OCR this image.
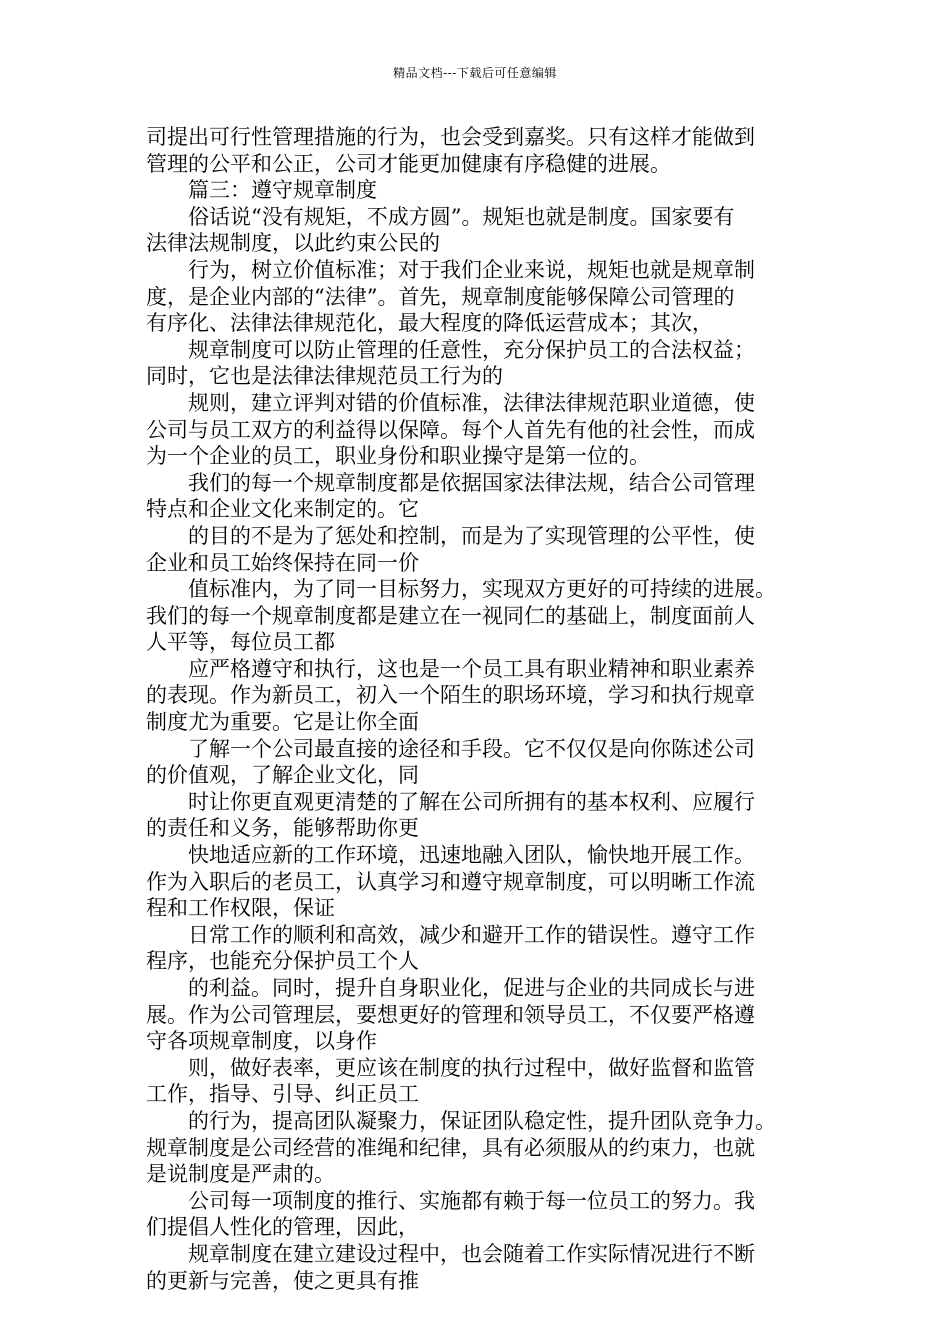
精品文档---下载后可任意编辑
司提出可行性管理措施的行为，也会受到嘉奖。只有这样才能做到
管理的公平和公正，公司才能更加健康有序稳健的进展。
篇三：遵守规章制度
俗话说“没有规矩，不成方圆”。规矩也就是制度。国家要有
法律法规制度，以此约束公民的
行为，树立价值标准；对于我们企业来说，规矩也就是规章制
度，是企业内部的“法律”。首先，规章制度能够保障公司管理的
有序化、法律法律规范化，最大程度的降低运营成本；其次，
规章制度可以防止管理的任意性，充分保护员工的合法权益；
同时，它也是法律法律规范员工行为的
规则，建立评判对错的价值标准，法律法律规范职业道德，使
公司与员工双方的利益得以保障。每个人首先有他的社会性，而成
为一个企业的员工，职业身份和职业操守是第一位的。
我们的每一个规章制度都是依据国家法律法规，结合公司管理
特点和企业文化来制定的。它
的目的不是为了惩处和控制，而是为了实现管理的公平性，使
企业和员工始终保持在同一价
值标准内，为了同一目标努力，实现双方更好的可持续的进展。
我们的每一个规章制度都是建立在一视同仁的基础上，制度面前人
人平等，每位员工都
应严格遵守和执行，这也是一个员工具有职业精神和职业素养
的表现。作为新员工，初入一个陌生的职场环境，学习和执行规章
制度尤为重要。它是让你全面
了解一个公司最直接的途径和手段。它不仅仅是向你陈述公司
的价值观，了解企业文化，同
时让你更直观更清楚的了解在公司所拥有的基本权利、应履行
的责任和义务，能够帮助你更
快地适应新的工作环境，迅速地融入团队，愉快地开展工作。
作为入职后的老员工，认真学习和遵守规章制度，可以明晰工作流
程和工作权限，保证
日常工作的顺利和高效，减少和避开工作的错误性。遵守工作
程序，也能充分保护员工个人
的利益。同时，提升自身职业化，促进与企业的共同成长与进
展。作为公司管理层，要想更好的管理和领导员工，不仅要严格遵
守各项规章制度，以身作
则，做好表率，更应该在制度的执行过程中，做好监督和监管
工作，指导、引导、纠正员工
的行为，提高团队凝聚力，保证团队稳定性，提升团队竞争力。
规章制度是公司经营的准绳和纪律，具有必须服从的约束力，也就
是说制度是严肃的。
公司每一项制度的推行、实施都有赖于每一位员工的努力。我
们提倡人性化的管理，因此，
规章制度在建立建设过程中，也会随着工作实际情况进行不断
的更新与完善，使之更具有推
